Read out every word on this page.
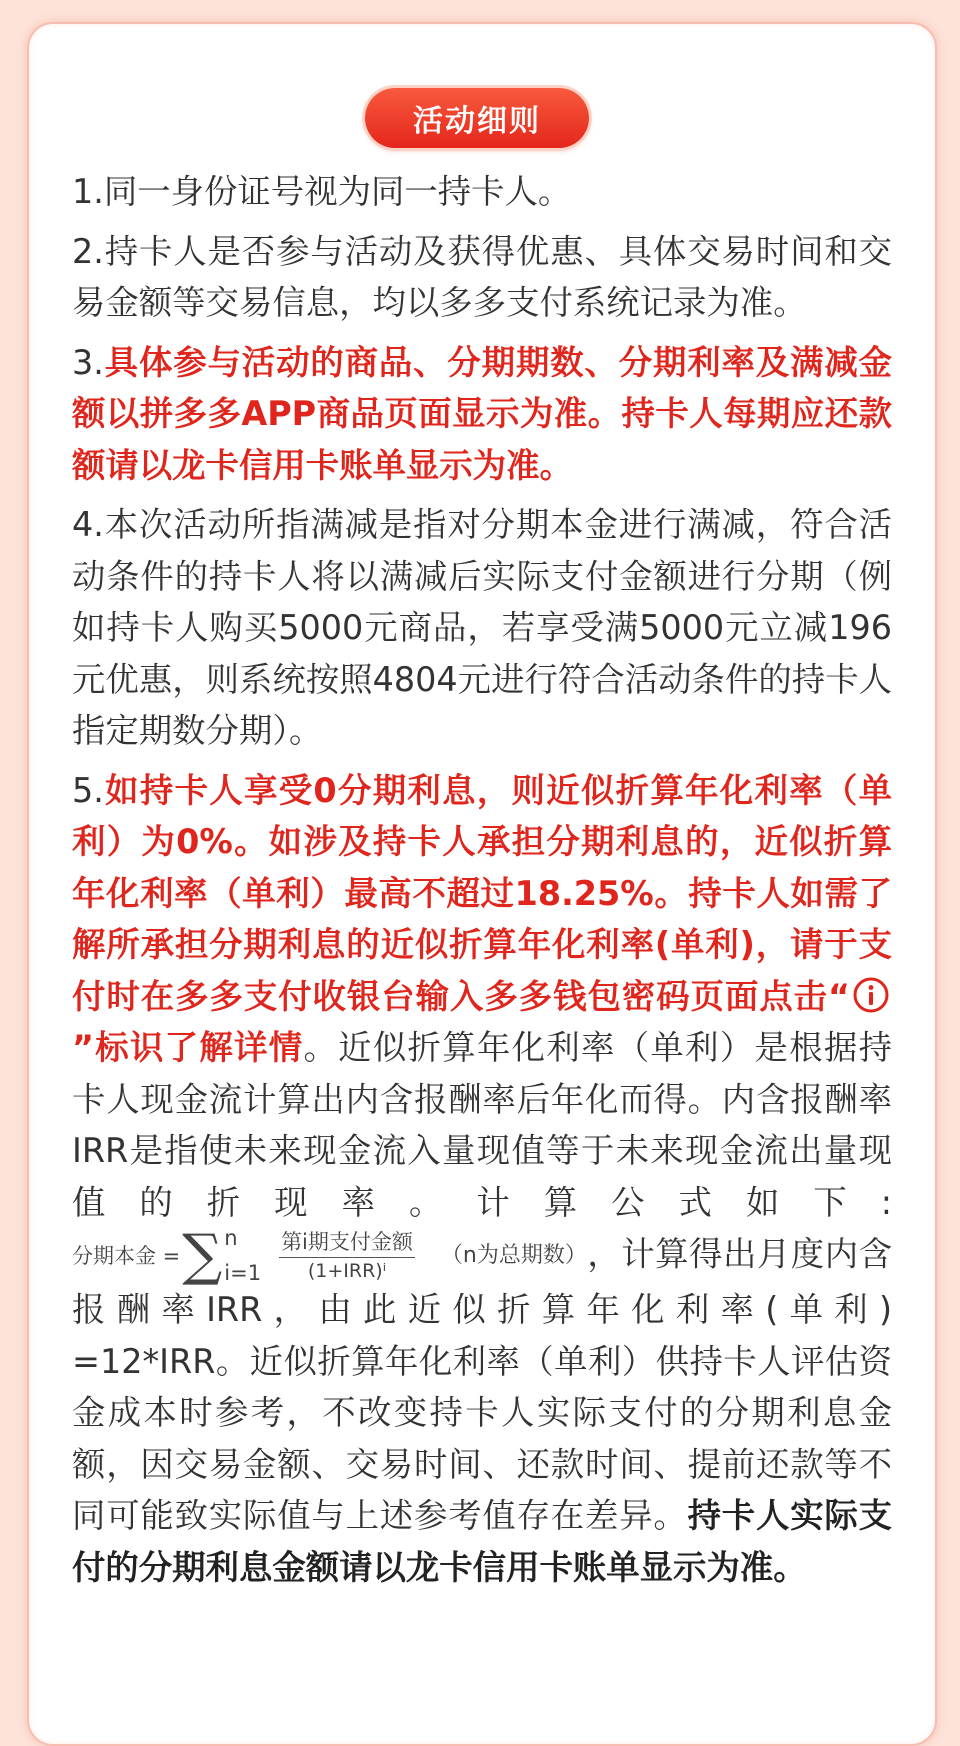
活动细则

1.同一身份证号视为同一持卡人。

2.持卡人是否参与活动及获得优惠、具体交易时间和交易金额等交易信息，均以多多支付系统记录为准。

3.具体参与活动的商品、分期期数、分期利率及满减金额以拼多多APP商品页面显示为准。持卡人每期应还款额请以龙卡信用卡账单显示为准。

4.本次活动所指满减是指对分期本金进行满减，符合活动条件的持卡人将以满减后实际支付金额进行分期（例如持卡人购买5000元商品，若享受满5000元立减196元优惠，则系统按照4804元进行符合活动条件的持卡人指定期数分期）。

5.如持卡人享受0分期利息，则近似折算年化利率（单利）为0%。如涉及持卡人承担分期利息的，近似折算年化利率（单利）最高不超过18.25%。持卡人如需了解所承担分期利息的近似折算年化利率(单利)，请于支付时在多多支付收银台输入多多钱包密码页面点击“”标识了解详情。近似折算年化利率（单利）是根据持卡人现金流计算出内含报酬率后年化而得。内含报酬率IRR是指使未来现金流入量现值等于未来现金流出量现值的折现率。计算公式如下:
分期本金 = ∑ n
$i=1 \frac{\text{第i期支付金额}}{\text{(1+IRR)ⁱ}} (n$为总期数） ，计算得出月度内含报酬率IRR，由此近似折算年化利率(单利)　=12*IRR。近似折算年化利率（单利）供持卡人评估资金成本时参考，不改变持卡人实际支付的分期利息金额，因交易金额、交易时间、还款时间、提前还款等不同可能致实际值与上述参考值存在差异。持卡人实际支付的分期利息金额请以龙卡信用卡账单显示为准。
